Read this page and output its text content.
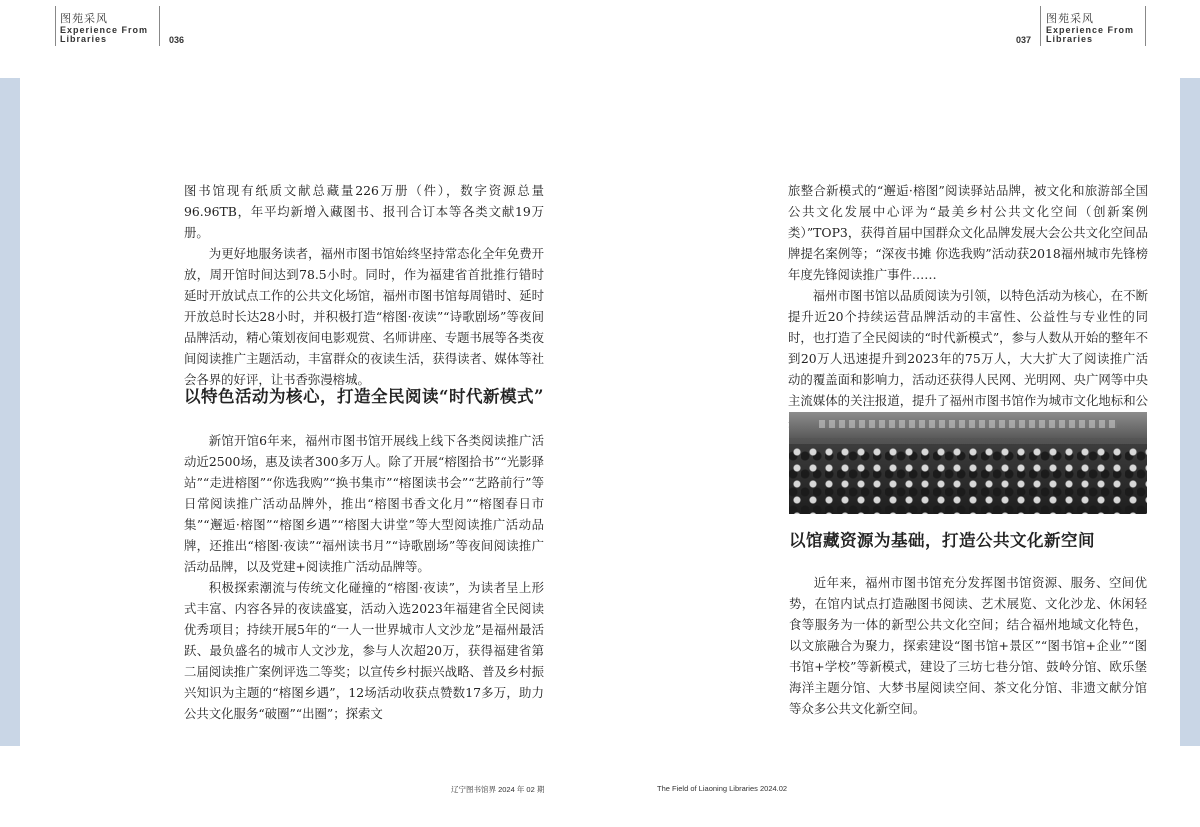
图苑采风
Experience From
Libraries	036	037
图苑采风
Experience From
Libraries

图书馆现有纸质文献总藏量226万册（件），数字资源总量96.96TB，年平均新增入藏图书、报刊合订本等各类文献19万册。

为更好地服务读者，福州市图书馆始终坚持常态化全年免费开放，周开馆时间达到78.5小时。同时，作为福建省首批推行错时延时开放试点工作的公共文化场馆，福州市图书馆每周错时、延时开放总时长达28小时，并积极打造“榕图·夜读”“诗歌剧场”等夜间品牌活动，精心策划夜间电影观赏、名师讲座、专题书展等各类夜间阅读推广主题活动，丰富群众的夜读生活，获得读者、媒体等社会各界的好评，让书香弥漫榕城。

以特色活动为核心，打造全民阅读“时代新模式”

新馆开馆6年来，福州市图书馆开展线上线下各类阅读推广活动近2500场，惠及读者300多万人。除了开展“榕图拾书”“光影驿站”“走进榕图”“你选我购”“换书集市”“榕图读书会”“艺路前行”等日常阅读推广活动品牌外，推出“榕图书香文化月”“榕图春日市集”“邂逅·榕图”“榕图乡遇”“榕图大讲堂”等大型阅读推广活动品牌，还推出“榕图·夜读”“福州读书月”“诗歌剧场”等夜间阅读推广活动品牌，以及党建+阅读推广活动品牌等。

积极探索潮流与传统文化碰撞的“榕图·夜读”，为读者呈上形式丰富、内容各异的夜读盛宴，活动入选2023年福建省全民阅读优秀项目；持续开展5年的“一人一世界城市人文沙龙”是福州最活跃、最负盛名的城市人文沙龙，参与人次超20万，获得福建省第二届阅读推广案例评选二等奖；以宣传乡村振兴战略、普及乡村振兴知识为主题的“榕图乡遇”，12场活动收获点赞数17多万，助力公共文化服务“破圈”“出圈”；探索文

旅整合新模式的“邂逅·榕图”阅读驿站品牌，被文化和旅游部全国公共文化发展中心评为“最美乡村公共文化空间（创新案例类）”TOP3，获得首届中国群众文化品牌发展大会公共文化空间品牌提名案例等；“深夜书摊 你选我购”活动获2018福州城市先锋榜年度先锋阅读推广事件……

福州市图书馆以品质阅读为引领，以特色活动为核心，在不断提升近20个持续运营品牌活动的丰富性、公益性与专业性的同时，也打造了全民阅读的“时代新模式”，参与人数从开始的整年不到20万人迅速提升到2023年的75万人，大大扩大了阅读推广活动的覆盖面和影响力，活动还获得人民网、光明网、央广网等中央主流媒体的关注报道，提升了福州市图书馆作为城市文化地标和公

以馆藏资源为基础，打造公共文化新空间

近年来，福州市图书馆充分发挥图书馆资源、服务、空间优势，在馆内试点打造融图书阅读、艺术展览、文化沙龙、休闲轻食等服务为一体的新型公共文化空间；结合福州地域文化特色，以文旅融合为聚力，探索建设“图书馆+景区”“图书馆+企业”“图书馆+学校”等新模式，建设了三坊七巷分馆、鼓岭分馆、欧乐堡海洋主题分馆、大梦书屋阅读空间、茶文化分馆、非遗文献分馆等众多公共文化新空间。

辽宁图书馆界 2024 年 02 期	The Field of Liaoning Libraries 2024.02
